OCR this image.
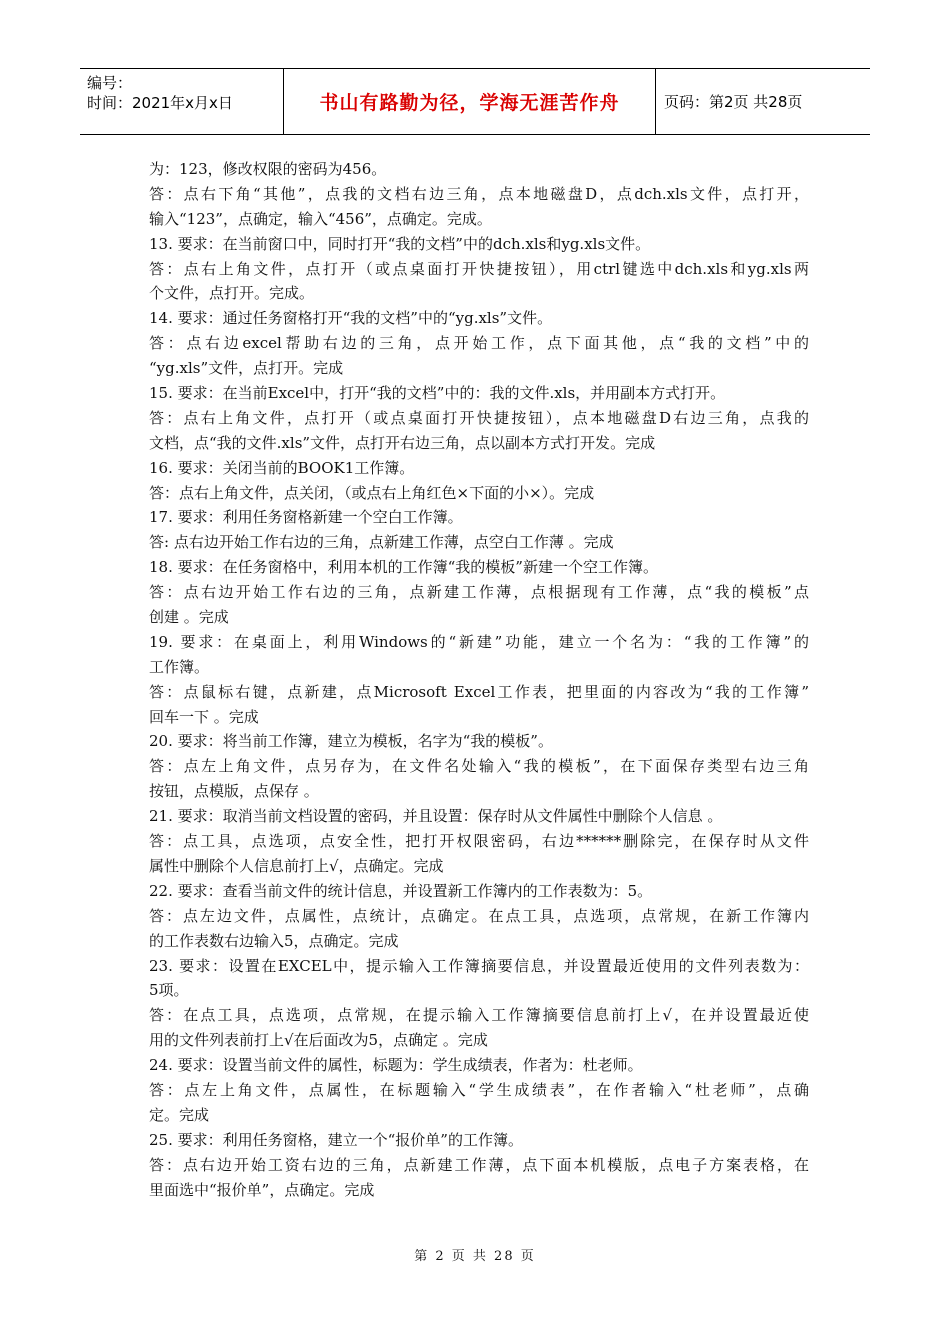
编号：
时间：2021年x月x日	书山有路勤为径，学海无涯苦作舟	页码：第2页 共28页
为：123，修改权限的密码为456。
答：点右下角“其他”，点我的文档右边三角，点本地磁盘D，点dch.xls文件，点打开，
输入“123”，点确定，输入“456”，点确定。完成。
13. 要求：在当前窗口中，同时打开“我的文档”中的dch.xls和yg.xls文件。
答：点右上角文件，点打开（或点桌面打开快捷按钮），用ctrl键选中dch.xls和yg.xls两
个文件，点打开。完成。
14. 要求：通过任务窗格打开“我的文档”中的“yg.xls”文件。
答：点右边excel帮助右边的三角，点开始工作，点下面其他，点“我的文档”中的
“yg.xls”文件，点打开。完成
15. 要求：在当前Excel中，打开“我的文档”中的：我的文件.xls，并用副本方式打开。
答：点右上角文件，点打开（或点桌面打开快捷按钮），点本地磁盘D右边三角，点我的
文档，点“我的文件.xls”文件，点打开右边三角，点以副本方式打开发。完成
16. 要求：关闭当前的BOOK1工作簿。
答：点右上角文件，点关闭，（或点右上角红色×下面的小×）。完成
17. 要求：利用任务窗格新建一个空白工作簿。
答: 点右边开始工作右边的三角，点新建工作薄，点空白工作薄 。完成
18. 要求：在任务窗格中，利用本机的工作簿“我的模板”新建一个空工作簿。
答：点右边开始工作右边的三角，点新建工作薄，点根据现有工作薄，点“我的模板”点
创建 。完成
19. 要求：在桌面上，利用Windows的“新建”功能，建立一个名为：“我的工作簿”的
工作簿。
答：点鼠标右键，点新建，点Microsoft Excel工作表，把里面的内容改为“我的工作簿”
回车一下 。完成
20. 要求：将当前工作簿，建立为模板，名字为“我的模板”。
答：点左上角文件，点另存为，在文件名处输入“我的模板”，在下面保存类型右边三角
按钮，点模版，点保存 。
21. 要求：取消当前文档设置的密码，并且设置：保存时从文件属性中删除个人信息 。
答：点工具，点选项，点安全性，把打开权限密码，右边******删除完，在保存时从文件
属性中删除个人信息前打上√，点确定。完成
22. 要求：查看当前文件的统计信息，并设置新工作簿内的工作表数为：5。
答：点左边文件，点属性，点统计，点确定。在点工具，点选项，点常规，在新工作簿内
的工作表数右边输入5，点确定。完成
23. 要求：设置在EXCEL中，提示输入工作簿摘要信息，并设置最近使用的文件列表数为：
5项。
答：在点工具，点选项，点常规，在提示输入工作簿摘要信息前打上√，在并设置最近使
用的文件列表前打上√在后面改为5，点确定 。完成
24. 要求：设置当前文件的属性，标题为：学生成绩表，作者为：杜老师。
答：点左上角文件，点属性，在标题输入“学生成绩表”，在作者输入“杜老师”，点确
定。完成
25. 要求：利用任务窗格，建立一个“报价单”的工作簿。
答：点右边开始工资右边的三角，点新建工作薄，点下面本机模版，点电子方案表格，在
里面选中“报价单”，点确定。完成
第 2 页 共 28 页
